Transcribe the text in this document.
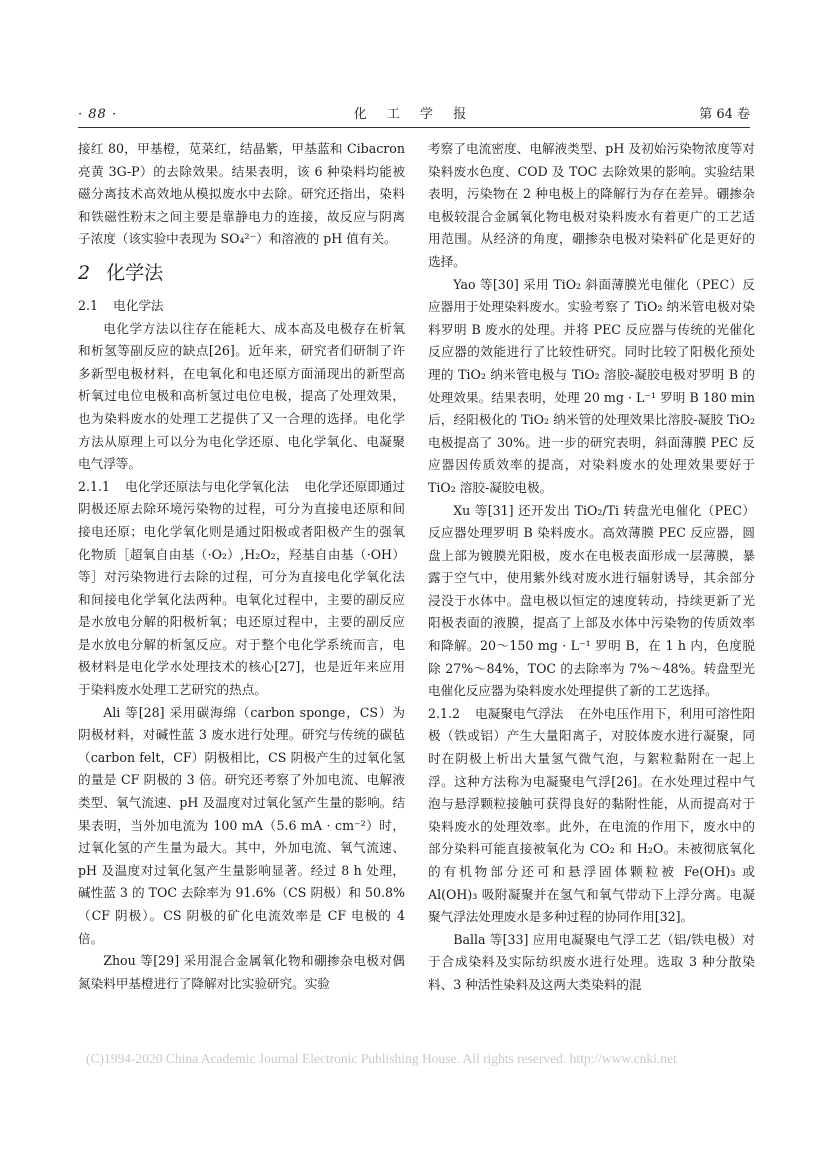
· 88 ·	化 工 学 报	第 64 卷

接红 80，甲基橙，苋菜红，结晶紫，甲基蓝和 Cibacron 亮黄 3G-P）的去除效果。结果表明，该 6 种染料均能被磁分离技术高效地从模拟废水中去除。研究还指出，染料和铁磁性粉末之间主要是靠静电力的连接，故反应与阴离子浓度（该实验中表现为 SO₄²⁻）和溶液的 pH 值有关。

2 化学法
2.1 电化学法

电化学方法以往存在能耗大、成本高及电极存在析氧和析氢等副反应的缺点[26]。近年来，研究者们研制了许多新型电极材料，在电氧化和电还原方面涌现出的新型高析氧过电位电极和高析氢过电位电极，提高了处理效果，也为染料废水的处理工艺提供了又一合理的选择。电化学方法从原理上可以分为电化学还原、电化学氧化、电凝聚电气浮等。

2.1.1 电化学还原法与电化学氧化法 电化学还原即通过阴极还原去除环境污染物的过程，可分为直接电还原和间接电还原；电化学氧化则是通过阳极或者阳极产生的强氧化物质［超氧自由基（·O₂）,H₂O₂，羟基自由基（·OH）等］对污染物进行去除的过程，可分为直接电化学氧化法和间接电化学氧化法两种。电氧化过程中，主要的副反应是水放电分解的阳极析氧；电还原过程中，主要的副反应是水放电分解的析氢反应。对于整个电化学系统而言，电极材料是电化学水处理技术的核心[27]，也是近年来应用于染料废水处理工艺研究的热点。

Ali 等[28] 采用碳海绵（carbon sponge，CS）为阴极材料，对碱性蓝 3 废水进行处理。研究与传统的碳毡（carbon felt，CF）阴极相比，CS 阴极产生的过氧化氢的量是 CF 阴极的 3 倍。研究还考察了外加电流、电解液类型、氧气流速、pH 及温度对过氧化氢产生量的影响。结果表明，当外加电流为 100 mA（5.6 mA · cm⁻²）时，过氧化氢的产生量为最大。其中，外加电流、氧气流速、pH 及温度对过氧化氢产生量影响显著。经过 8 h 处理，碱性蓝 3 的 TOC 去除率为 91.6%（CS 阴极）和 50.8%（CF 阴极）。CS 阴极的矿化电流效率是 CF 电极的 4 倍。

Zhou 等[29] 采用混合金属氧化物和硼掺杂电极对偶氮染料甲基橙进行了降解对比实验研究。实验

考察了电流密度、电解液类型、pH 及初始污染物浓度等对染料废水色度、COD 及 TOC 去除效果的影响。实验结果表明，污染物在 2 种电极上的降解行为存在差异。硼掺杂电极较混合金属氧化物电极对染料废水有着更广的工艺适用范围。从经济的角度，硼掺杂电极对染料矿化是更好的选择。

Yao 等[30] 采用 TiO₂ 斜面薄膜光电催化（PEC）反应器用于处理染料废水。实验考察了 TiO₂ 纳米管电极对染料罗明 B 废水的处理。并将 PEC 反应器与传统的光催化反应器的效能进行了比较性研究。同时比较了阳极化预处理的 TiO₂ 纳米管电极与 TiO₂ 溶胶-凝胶电极对罗明 B 的处理效果。结果表明，处理 20 mg · L⁻¹ 罗明 B 180 min 后，经阳极化的 TiO₂ 纳米管的处理效果比溶胶-凝胶 TiO₂ 电极提高了 30%。进一步的研究表明，斜面薄膜 PEC 反应器因传质效率的提高，对染料废水的处理效果要好于 TiO₂ 溶胶-凝胶电极。

Xu 等[31] 还开发出 TiO₂/Ti 转盘光电催化（PEC）反应器处理罗明 B 染料废水。高效薄膜 PEC 反应器，圆盘上部为镀膜光阳极，废水在电极表面形成一层薄膜，暴露于空气中，使用紫外线对废水进行辐射诱导，其余部分浸没于水体中。盘电极以恒定的速度转动，持续更新了光阳极表面的液膜，提高了上部及水体中污染物的传质效率和降解。20～150 mg · L⁻¹ 罗明 B，在 1 h 内，色度脱除 27%～84%，TOC 的去除率为 7%～48%。转盘型光电催化反应器为染料废水处理提供了新的工艺选择。

2.1.2 电凝聚电气浮法 在外电压作用下，利用可溶性阳极（铁或铝）产生大量阳离子，对胶体废水进行凝聚，同时在阴极上析出大量氢气微气泡，与絮粒黏附在一起上浮。这种方法称为电凝聚电气浮[26]。在水处理过程中气泡与悬浮颗粒接触可获得良好的黏附性能，从而提高对于染料废水的处理效率。此外，在电流的作用下，废水中的部分染料可能直接被氧化为 CO₂ 和 H₂O。未被彻底氧化的有机物部分还可和悬浮固体颗粒被 Fe(OH)₃ 或 Al(OH)₃ 吸附凝聚并在氢气和氧气带动下上浮分离。电凝聚气浮法处理废水是多种过程的协同作用[32]。

Balla 等[33] 应用电凝聚电气浮工艺（铝/铁电极）对于合成染料及实际纺织废水进行处理。选取 3 种分散染料、3 种活性染料及这两大类染料的混

(C)1994-2020 China Academic Journal Electronic Publishing House. All rights reserved. http://www.cnki.net
